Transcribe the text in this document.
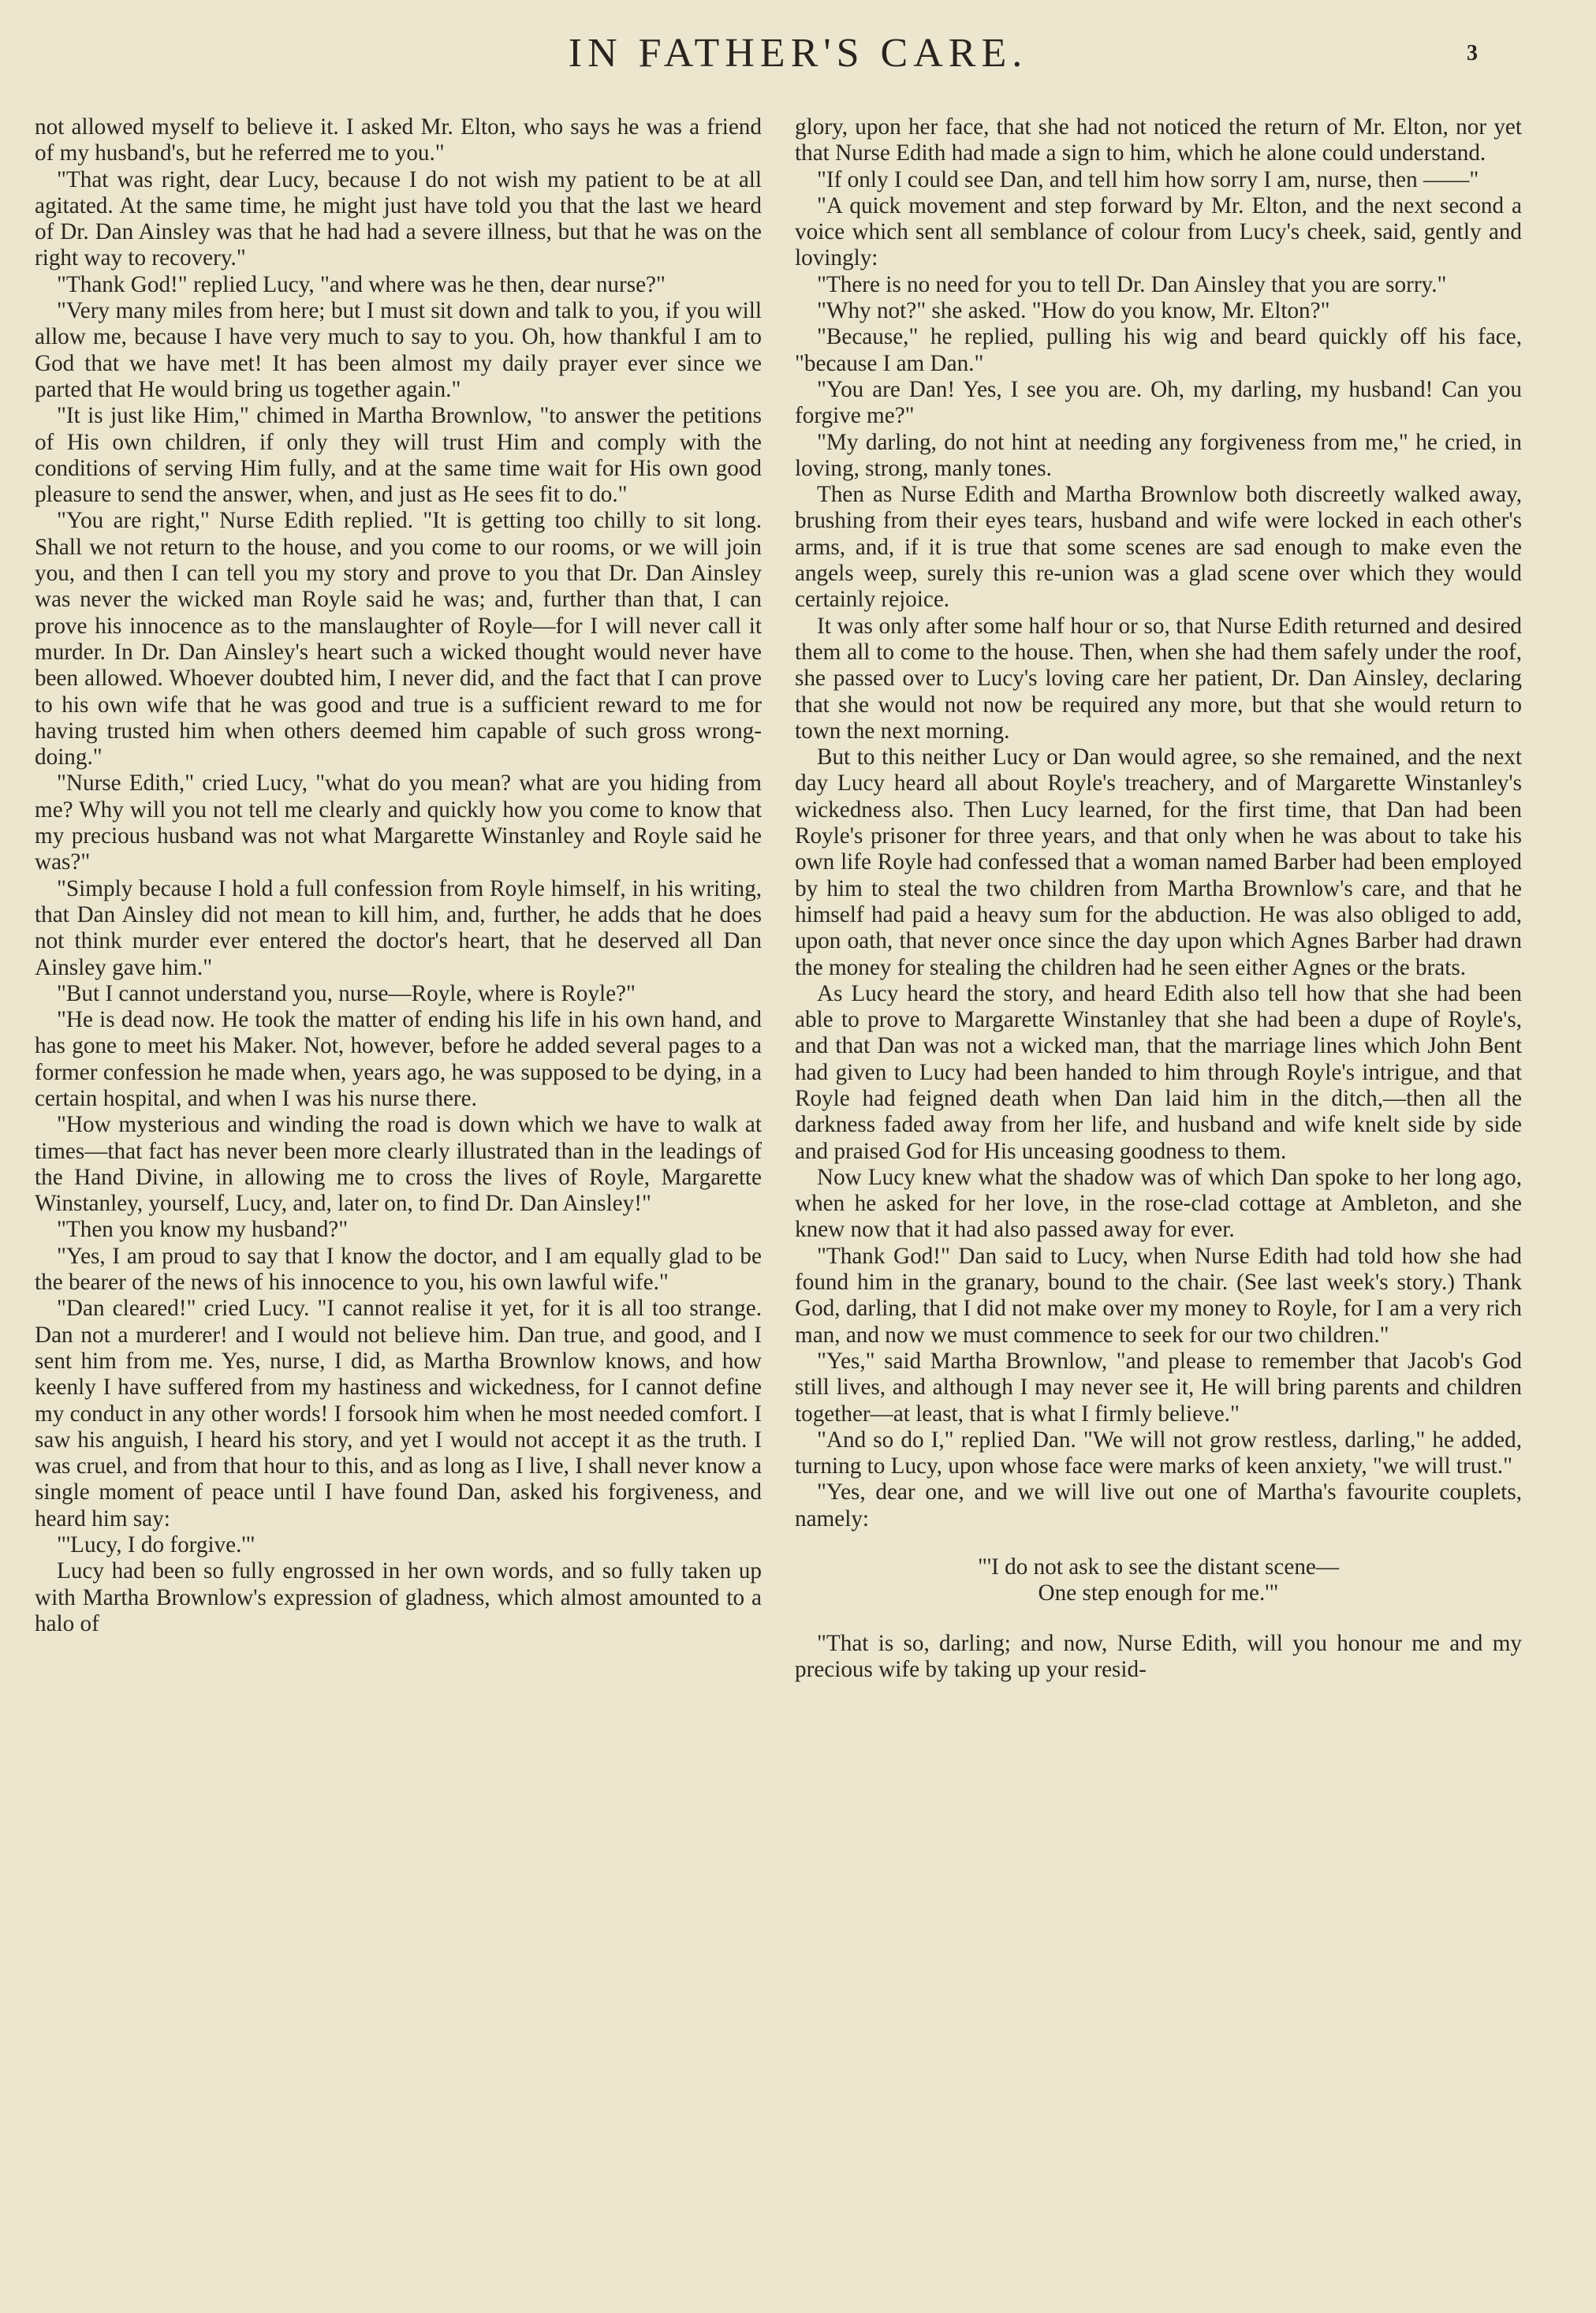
IN FATHER'S CARE.	3

not allowed myself to believe it. I asked Mr. Elton, who says he was a friend of my husband's, but he referred me to you."

"That was right, dear Lucy, because I do not wish my patient to be at all agitated. At the same time, he might just have told you that the last we heard of Dr. Dan Ainsley was that he had had a severe illness, but that he was on the right way to recovery."

"Thank God!" replied Lucy, "and where was he then, dear nurse?"

"Very many miles from here; but I must sit down and talk to you, if you will allow me, because I have very much to say to you. Oh, how thankful I am to God that we have met! It has been almost my daily prayer ever since we parted that He would bring us together again."

"It is just like Him," chimed in Martha Brownlow, "to answer the petitions of His own children, if only they will trust Him and comply with the conditions of serving Him fully, and at the same time wait for His own good pleasure to send the answer, when, and just as He sees fit to do."

"You are right," Nurse Edith replied. "It is getting too chilly to sit long. Shall we not return to the house, and you come to our rooms, or we will join you, and then I can tell you my story and prove to you that Dr. Dan Ainsley was never the wicked man Royle said he was; and, further than that, I can prove his innocence as to the manslaughter of Royle—for I will never call it murder. In Dr. Dan Ainsley's heart such a wicked thought would never have been allowed. Whoever doubted him, I never did, and the fact that I can prove to his own wife that he was good and true is a sufficient reward to me for having trusted him when others deemed him capable of such gross wrong-doing."

"Nurse Edith," cried Lucy, "what do you mean? what are you hiding from me? Why will you not tell me clearly and quickly how you come to know that my precious husband was not what Margarette Winstanley and Royle said he was?"

"Simply because I hold a full confession from Royle himself, in his writing, that Dan Ainsley did not mean to kill him, and, further, he adds that he does not think murder ever entered the doctor's heart, that he deserved all Dan Ainsley gave him."

"But I cannot understand you, nurse—Royle, where is Royle?"

"He is dead now. He took the matter of ending his life in his own hand, and has gone to meet his Maker. Not, however, before he added several pages to a former confession he made when, years ago, he was supposed to be dying, in a certain hospital, and when I was his nurse there.

"How mysterious and winding the road is down which we have to walk at times—that fact has never been more clearly illustrated than in the leadings of the Hand Divine, in allowing me to cross the lives of Royle, Margarette Winstanley, yourself, Lucy, and, later on, to find Dr. Dan Ainsley!"

"Then you know my husband?"

"Yes, I am proud to say that I know the doctor, and I am equally glad to be the bearer of the news of his innocence to you, his own lawful wife."

"Dan cleared!" cried Lucy. "I cannot realise it yet, for it is all too strange. Dan not a murderer! and I would not believe him. Dan true, and good, and I sent him from me. Yes, nurse, I did, as Martha Brownlow knows, and how keenly I have suffered from my hastiness and wickedness, for I cannot define my conduct in any other words! I forsook him when he most needed comfort. I saw his anguish, I heard his story, and yet I would not accept it as the truth. I was cruel, and from that hour to this, and as long as I live, I shall never know a single moment of peace until I have found Dan, asked his forgiveness, and heard him say:

"'Lucy, I do forgive.'"

Lucy had been so fully engrossed in her own words, and so fully taken up with Martha Brownlow's expression of gladness, which almost amounted to a halo of

glory, upon her face, that she had not noticed the return of Mr. Elton, nor yet that Nurse Edith had made a sign to him, which he alone could understand.

"If only I could see Dan, and tell him how sorry I am, nurse, then ——"

"A quick movement and step forward by Mr. Elton, and the next second a voice which sent all semblance of colour from Lucy's cheek, said, gently and lovingly:

"There is no need for you to tell Dr. Dan Ainsley that you are sorry."

"Why not?" she asked. "How do you know, Mr. Elton?"

"Because," he replied, pulling his wig and beard quickly off his face, "because I am Dan."

"You are Dan! Yes, I see you are. Oh, my darling, my husband! Can you forgive me?"

"My darling, do not hint at needing any forgiveness from me," he cried, in loving, strong, manly tones.

Then as Nurse Edith and Martha Brownlow both discreetly walked away, brushing from their eyes tears, husband and wife were locked in each other's arms, and, if it is true that some scenes are sad enough to make even the angels weep, surely this re-union was a glad scene over which they would certainly rejoice.

It was only after some half hour or so, that Nurse Edith returned and desired them all to come to the house. Then, when she had them safely under the roof, she passed over to Lucy's loving care her patient, Dr. Dan Ainsley, declaring that she would not now be required any more, but that she would return to town the next morning.

But to this neither Lucy or Dan would agree, so she remained, and the next day Lucy heard all about Royle's treachery, and of Margarette Winstanley's wickedness also. Then Lucy learned, for the first time, that Dan had been Royle's prisoner for three years, and that only when he was about to take his own life Royle had confessed that a woman named Barber had been employed by him to steal the two children from Martha Brownlow's care, and that he himself had paid a heavy sum for the abduction. He was also obliged to add, upon oath, that never once since the day upon which Agnes Barber had drawn the money for stealing the children had he seen either Agnes or the brats.

As Lucy heard the story, and heard Edith also tell how that she had been able to prove to Margarette Winstanley that she had been a dupe of Royle's, and that Dan was not a wicked man, that the marriage lines which John Bent had given to Lucy had been handed to him through Royle's intrigue, and that Royle had feigned death when Dan laid him in the ditch,—then all the darkness faded away from her life, and husband and wife knelt side by side and praised God for His unceasing goodness to them.

Now Lucy knew what the shadow was of which Dan spoke to her long ago, when he asked for her love, in the rose-clad cottage at Ambleton, and she knew now that it had also passed away for ever.

"Thank God!" Dan said to Lucy, when Nurse Edith had told how she had found him in the granary, bound to the chair. (See last week's story.) Thank God, darling, that I did not make over my money to Royle, for I am a very rich man, and now we must commence to seek for our two children."

"Yes," said Martha Brownlow, "and please to remember that Jacob's God still lives, and although I may never see it, He will bring parents and children together—at least, that is what I firmly believe."

"And so do I," replied Dan. "We will not grow restless, darling," he added, turning to Lucy, upon whose face were marks of keen anxiety, "we will trust."

"Yes, dear one, and we will live out one of Martha's favourite couplets, namely:

"'I do not ask to see the distant scene—
One step enough for me.'"

"That is so, darling; and now, Nurse Edith, will you honour me and my precious wife by taking up your resid-
